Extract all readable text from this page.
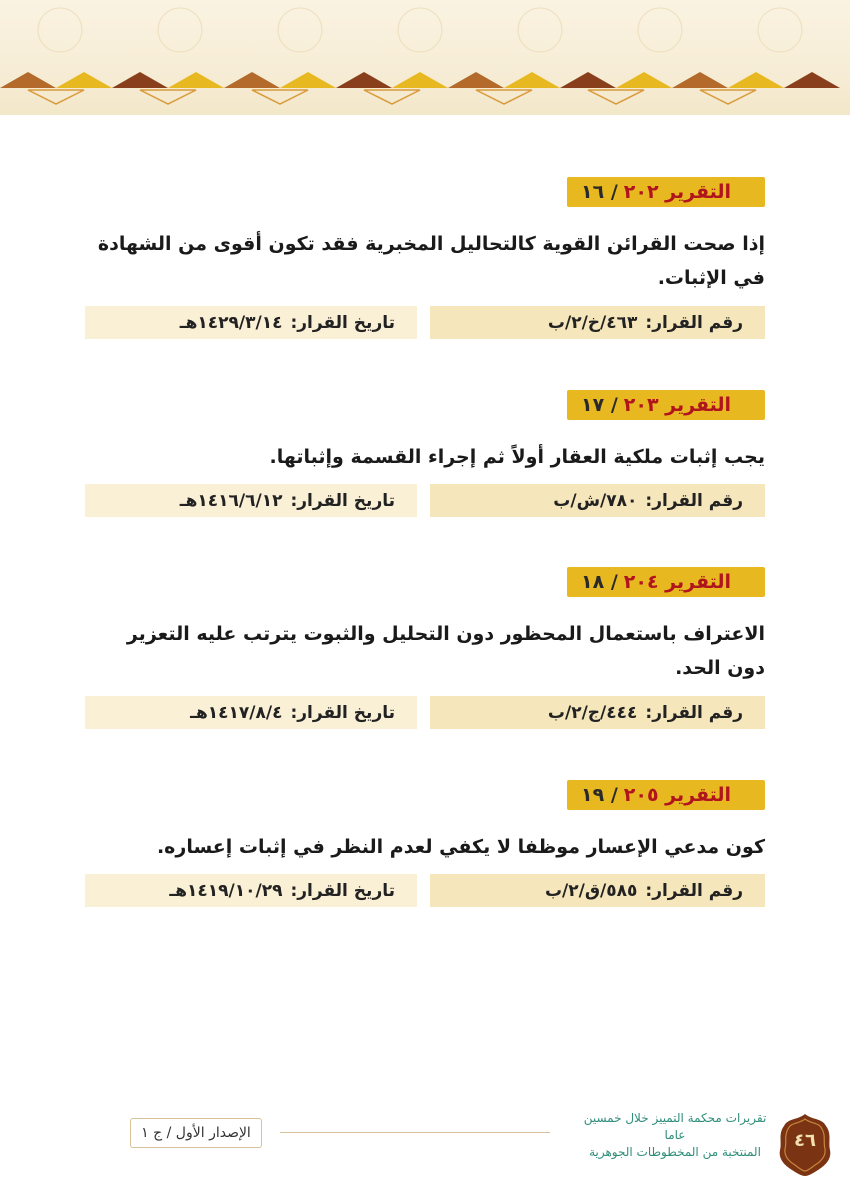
التقرير ٢٠٢
١٦ /
إذا صحت القرائن القوية كالتحاليل المخبرية فقد تكون أقوى من الشهادة في الإثبات.
رقم القرار:
٤٦٣/خ/٢/ب
تاريخ القرار:
١٤٢٩/٣/١٤هـ
التقرير ٢٠٣
١٧ /
يجب إثبات ملكية العقار أولاً ثم إجراء القسمة وإثباتها.
رقم القرار:
٧٨٠/ش/ب
تاريخ القرار:
١٤١٦/٦/١٢هـ
التقرير ٢٠٤
١٨ /
الاعتراف باستعمال المحظور دون التحليل والثبوت يترتب عليه التعزير دون الحد.
رقم القرار:
٤٤٤/ج/٢/ب
تاريخ القرار:
١٤١٧/٨/٤هـ
التقرير ٢٠٥
١٩ /
كون مدعي الإعسار موظفا لا يكفي لعدم النظر في إثبات إعساره.
رقم القرار:
٥٨٥/ق/٢/ب
تاريخ القرار:
١٤١٩/١٠/٢٩هـ
الإصدار الأول / ج ١
تقريرات محكمة التمييز خلال خمسين عاما
المنتخبة من المخطوطات الجوهرية
٤٦
